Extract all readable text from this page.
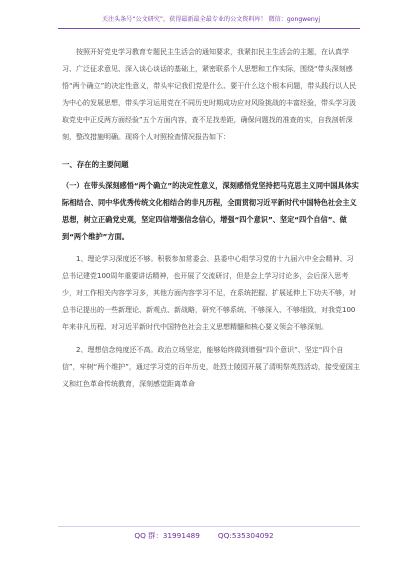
关注头条号“公文研究”，获得最新最全最专业的公文资料库！ 微信：gongwenyj

按照开好党史学习教育专题民主生活会的通知要求，我紧扣民主生活会的主题，在认真学习、广泛征求意见、深入谈心谈话的基础上，紧密联系个人思想和工作实际，围绕“带头深刻感悟“两个确立”的决定性意义，带头牢记我们党是什么、要干什么这个根本问题，带头践行以人民为中心的发展思想，带头学习运用党在不同历史时期成功应对风险挑战的丰富经验，带头学习汲取党史中正反两方面经验”五个方面内容，查不足找差距，确保问题找的准查的实，自我剖析深刻，整改措施明确。现将个人对照检查情况报告如下：

一、存在的主要问题

（一）在带头深刻感悟“两个确立”的决定性意义，深刻感悟党坚持把马克思主义同中国具体实际相结合、同中华优秀传统文化相结合的非凡历程，全面贯彻习近平新时代中国特色社会主义思想，树立正确党史观，坚定四信增强信念信心，增强“四个意识”、坚定“四个自信”、做到“两个维护”方面。

1、理论学习深度还不够。积极参加常委会、县委中心组学习党的十九届六中全会精神、习总书记建党100周年重要讲话精神，也开展了交流研讨，但是会上学习讨论多，会后深入思考少，对工作相关内容学习多，其他方面内容学习不足，在系统把握、扩展延伸上下功夫不够，对总书记提出的一些新理论、新观点、新战略，研究不够系统、不够深入、不够细致，对我党100年来非凡历程、对习近平新时代中国特色社会主义思想精髓和核心要义领会不够深刻。

2、理想信念纯度还不高。政治立场坚定，能够始终做到增强“四个意识”、坚定“四个自信”，牢树“两个维护”，通过学习党的百年历史，赴烈士陵园开展了清明祭英烈活动，接受爱国主义和红色革命传统教育，深刻感觉距离革命

QQ 群：31991489 QQ:535304092
